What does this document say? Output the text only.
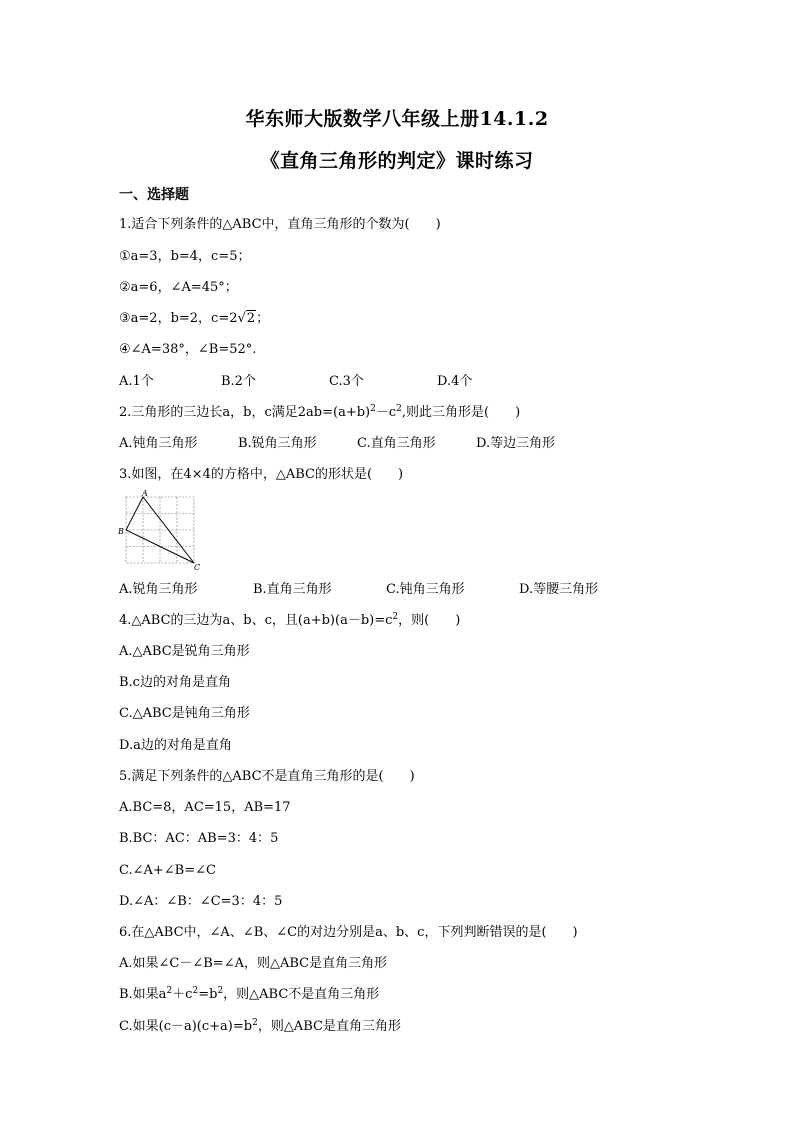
华东师大版数学八年级上册14.1.2
《直角三角形的判定》课时练习
一、选择题
1.适合下列条件的△ABC中，直角三角形的个数为(　　)
①a=3，b=4，c=5；
②a=6，∠A=45°；
③a=2，b=2，c=2√2；
④∠A=38°，∠B=52°.
A.1个	B.2个	C.3个	D.4个
2.三角形的三边长a，b，c满足$2ab=(a+b)^2-c^2$,则此三角形是(　　)
A.钝角三角形	B.锐角三角形	C.直角三角形	D.等边三角形
3.如图，在4×4的方格中，△ABC的形状是(　　)
A
B
C
A.锐角三角形	B.直角三角形	C.钝角三角形	D.等腰三角形
4.△ABC的三边为a、b、c，且$(a+b)(a-b)=c^2$，则(　　)
A.△ABC是锐角三角形
B.c边的对角是直角
C.△ABC是钝角三角形
D.a边的对角是直角
5.满足下列条件的△ABC不是直角三角形的是(　　)
A.BC=8，AC=15，AB=17
B.BC：AC：AB=3：4：5
C.∠A+∠B=∠C
D.∠A：∠B：∠C=3：4：5
6.在△ABC中，∠A、∠B、∠C的对边分别是a、b、c，下列判断错误的是(　　)
A.如果∠C－∠B=∠A，则△ABC是直角三角形
B.如果$a^2+c^2=b^2$，则△ABC不是直角三角形
C.如果$(c-a)(c+a)=b^2$，则△ABC是直角三角形
